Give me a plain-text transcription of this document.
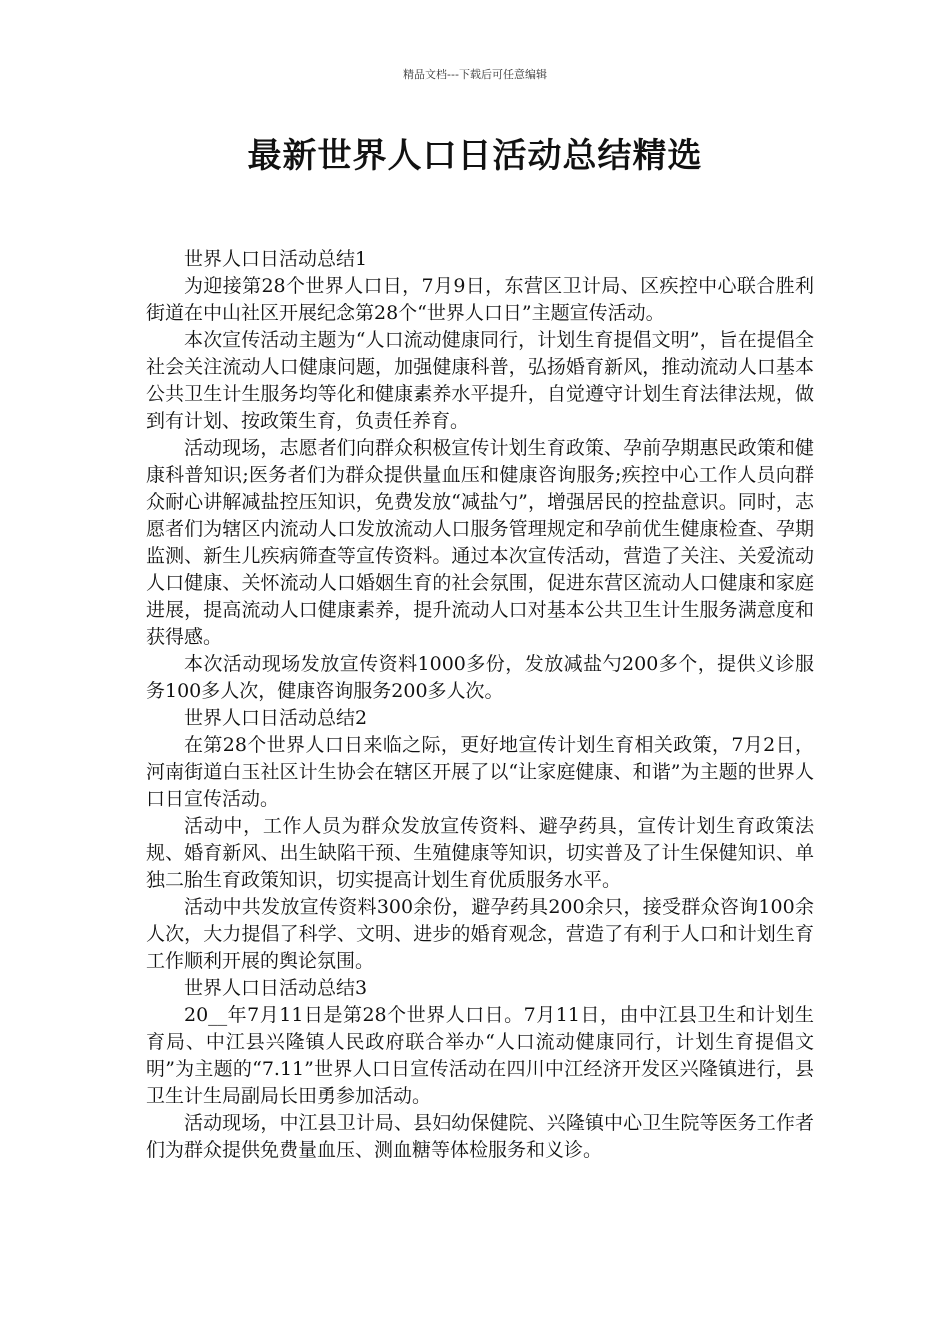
精品文档---下载后可任意编辑
最新世界人口日活动总结精选

世界人口日活动总结1

为迎接第28个世界人口日，7月9日，东营区卫计局、区疾控中心联合胜利街道在中山社区开展纪念第28个“世界人口日”主题宣传活动。

本次宣传活动主题为“人口流动健康同行，计划生育提倡文明”，旨在提倡全社会关注流动人口健康问题，加强健康科普，弘扬婚育新风，推动流动人口基本公共卫生计生服务均等化和健康素养水平提升，自觉遵守计划生育法律法规，做到有计划、按政策生育，负责任养育。

活动现场，志愿者们向群众积极宣传计划生育政策、孕前孕期惠民政策和健康科普知识;医务者们为群众提供量血压和健康咨询服务;疾控中心工作人员向群众耐心讲解减盐控压知识，免费发放“减盐勺”，增强居民的控盐意识。同时，志愿者们为辖区内流动人口发放流动人口服务管理规定和孕前优生健康检查、孕期监测、新生儿疾病筛查等宣传资料。通过本次宣传活动，营造了关注、关爱流动人口健康、关怀流动人口婚姻生育的社会氛围，促进东营区流动人口健康和家庭进展，提高流动人口健康素养，提升流动人口对基本公共卫生计生服务满意度和获得感。

本次活动现场发放宣传资料1000多份，发放减盐勺200多个，提供义诊服务100多人次，健康咨询服务200多人次。

世界人口日活动总结2

在第28个世界人口日来临之际，更好地宣传计划生育相关政策，7月2日，河南街道白玉社区计生协会在辖区开展了以“让家庭健康、和谐”为主题的世界人口日宣传活动。

活动中，工作人员为群众发放宣传资料、避孕药具，宣传计划生育政策法规、婚育新风、出生缺陷干预、生殖健康等知识，切实普及了计生保健知识、单独二胎生育政策知识，切实提高计划生育优质服务水平。

活动中共发放宣传资料300余份，避孕药具200余只，接受群众咨询100余人次，大力提倡了科学、文明、进步的婚育观念，营造了有利于人口和计划生育工作顺利开展的舆论氛围。

世界人口日活动总结3

20__年7月11日是第28个世界人口日。7月11日，由中江县卫生和计划生育局、中江县兴隆镇人民政府联合举办“人口流动健康同行，计划生育提倡文明”为主题的“7.11”世界人口日宣传活动在四川中江经济开发区兴隆镇进行，县卫生计生局副局长田勇参加活动。

活动现场，中江县卫计局、县妇幼保健院、兴隆镇中心卫生院等医务工作者们为群众提供免费量血压、测血糖等体检服务和义诊。
